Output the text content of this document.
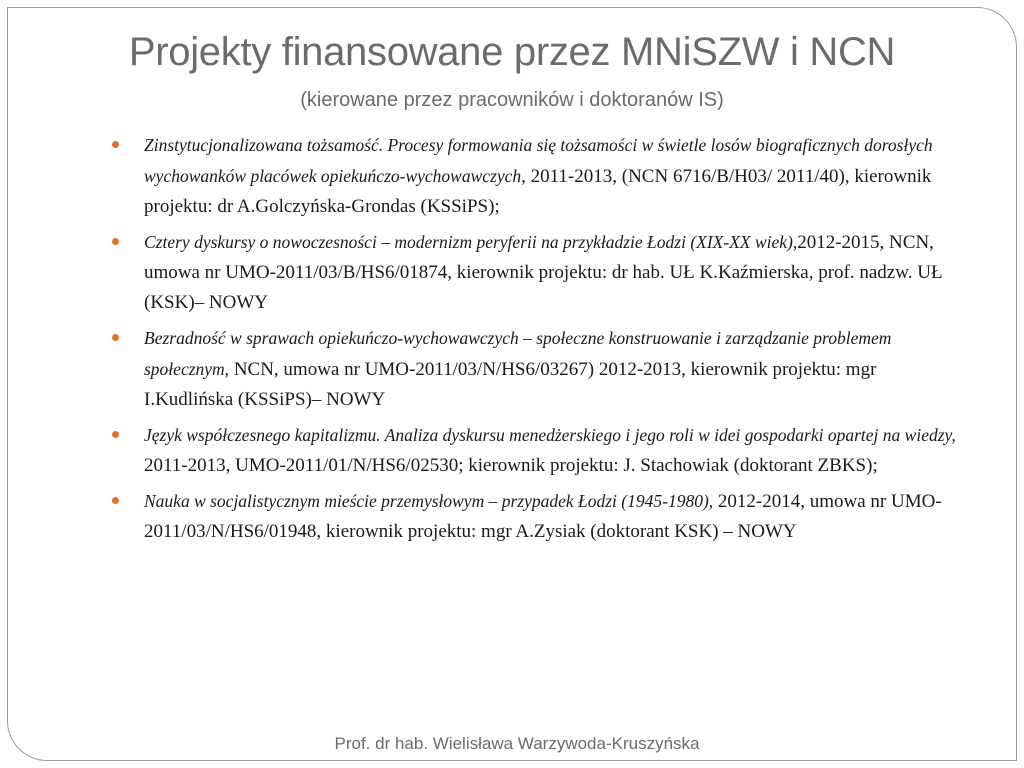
Projekty finansowane przez MNiSZW i NCN
(kierowane przez pracowników i doktoranów IS)
Zinstytucjonalizowana tożsamość. Procesy formowania się tożsamości w świetle losów biograficznych dorosłych wychowanków placówek opiekuńczo-wychowawczych, 2011-2013, (NCN 6716/B/H03/ 2011/40), kierownik projektu: dr A.Golczyńska-Grondas (KSSiPS);
Cztery dyskursy o nowoczesności – modernizm peryferii na przykładzie Łodzi (XIX-XX wiek),2012-2015, NCN, umowa nr UMO-2011/03/B/HS6/01874, kierownik projektu: dr hab. UŁ K.Kaźmierska, prof. nadzw. UŁ (KSK)– NOWY
Bezradność w sprawach opiekuńczo-wychowawczych – społeczne konstruowanie i zarządzanie problemem społecznym, NCN, umowa nr UMO-2011/03/N/HS6/03267) 2012-2013, kierownik projektu: mgr I.Kudlińska (KSSiPS)– NOWY
Język współczesnego kapitalizmu. Analiza dyskursu menedżerskiego i jego roli w idei gospodarki opartej na wiedzy, 2011-2013, UMO-2011/01/N/HS6/02530; kierownik projektu: J. Stachowiak (doktorant ZBKS);
Nauka w socjalistycznym mieście przemysłowym – przypadek Łodzi (1945-1980), 2012-2014, umowa nr UMO-2011/03/N/HS6/01948, kierownik projektu: mgr A.Zysiak (doktorant KSK) – NOWY
Prof. dr hab. Wielisława Warzywoda-Kruszyńska
